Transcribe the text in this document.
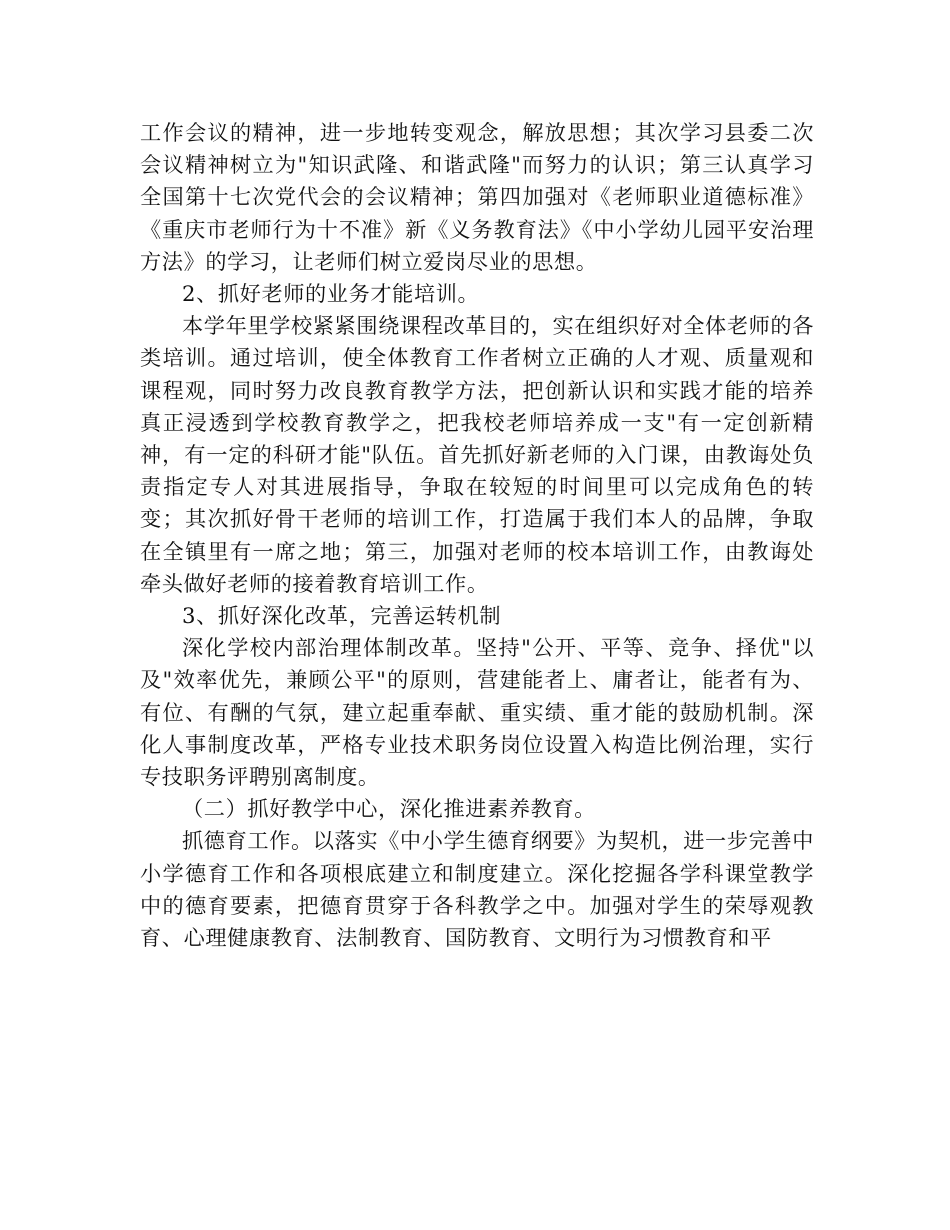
工作会议的精神，进一步地转变观念，解放思想；其次学习县委二次会议精神树立为"知识武隆、和谐武隆"而努力的认识；第三认真学习全国第十七次党代会的会议精神；第四加强对《老师职业道德标准》《重庆市老师行为十不准》新《义务教育法》《中小学幼儿园平安治理方法》的学习，让老师们树立爱岗尽业的思想。

2、抓好老师的业务才能培训。

本学年里学校紧紧围绕课程改革目的，实在组织好对全体老师的各类培训。通过培训，使全体教育工作者树立正确的人才观、质量观和课程观，同时努力改良教育教学方法，把创新认识和实践才能的培养真正浸透到学校教育教学之，把我校老师培养成一支"有一定创新精神，有一定的科研才能"队伍。首先抓好新老师的入门课，由教诲处负责指定专人对其进展指导，争取在较短的时间里可以完成角色的转变；其次抓好骨干老师的培训工作，打造属于我们本人的品牌，争取在全镇里有一席之地；第三，加强对老师的校本培训工作，由教诲处牵头做好老师的接着教育培训工作。

3、抓好深化改革，完善运转机制

深化学校内部治理体制改革。坚持"公开、平等、竞争、择优"以及"效率优先，兼顾公平"的原则，营建能者上、庸者让，能者有为、有位、有酬的气氛，建立起重奉献、重实绩、重才能的鼓励机制。深化人事制度改革，严格专业技术职务岗位设置入构造比例治理，实行专技职务评聘别离制度。

（二）抓好教学中心，深化推进素养教育。

抓德育工作。以落实《中小学生德育纲要》为契机，进一步完善中小学德育工作和各项根底建立和制度建立。深化挖掘各学科课堂教学中的德育要素，把德育贯穿于各科教学之中。加强对学生的荣辱观教育、心理健康教育、法制教育、国防教育、文明行为习惯教育和平
